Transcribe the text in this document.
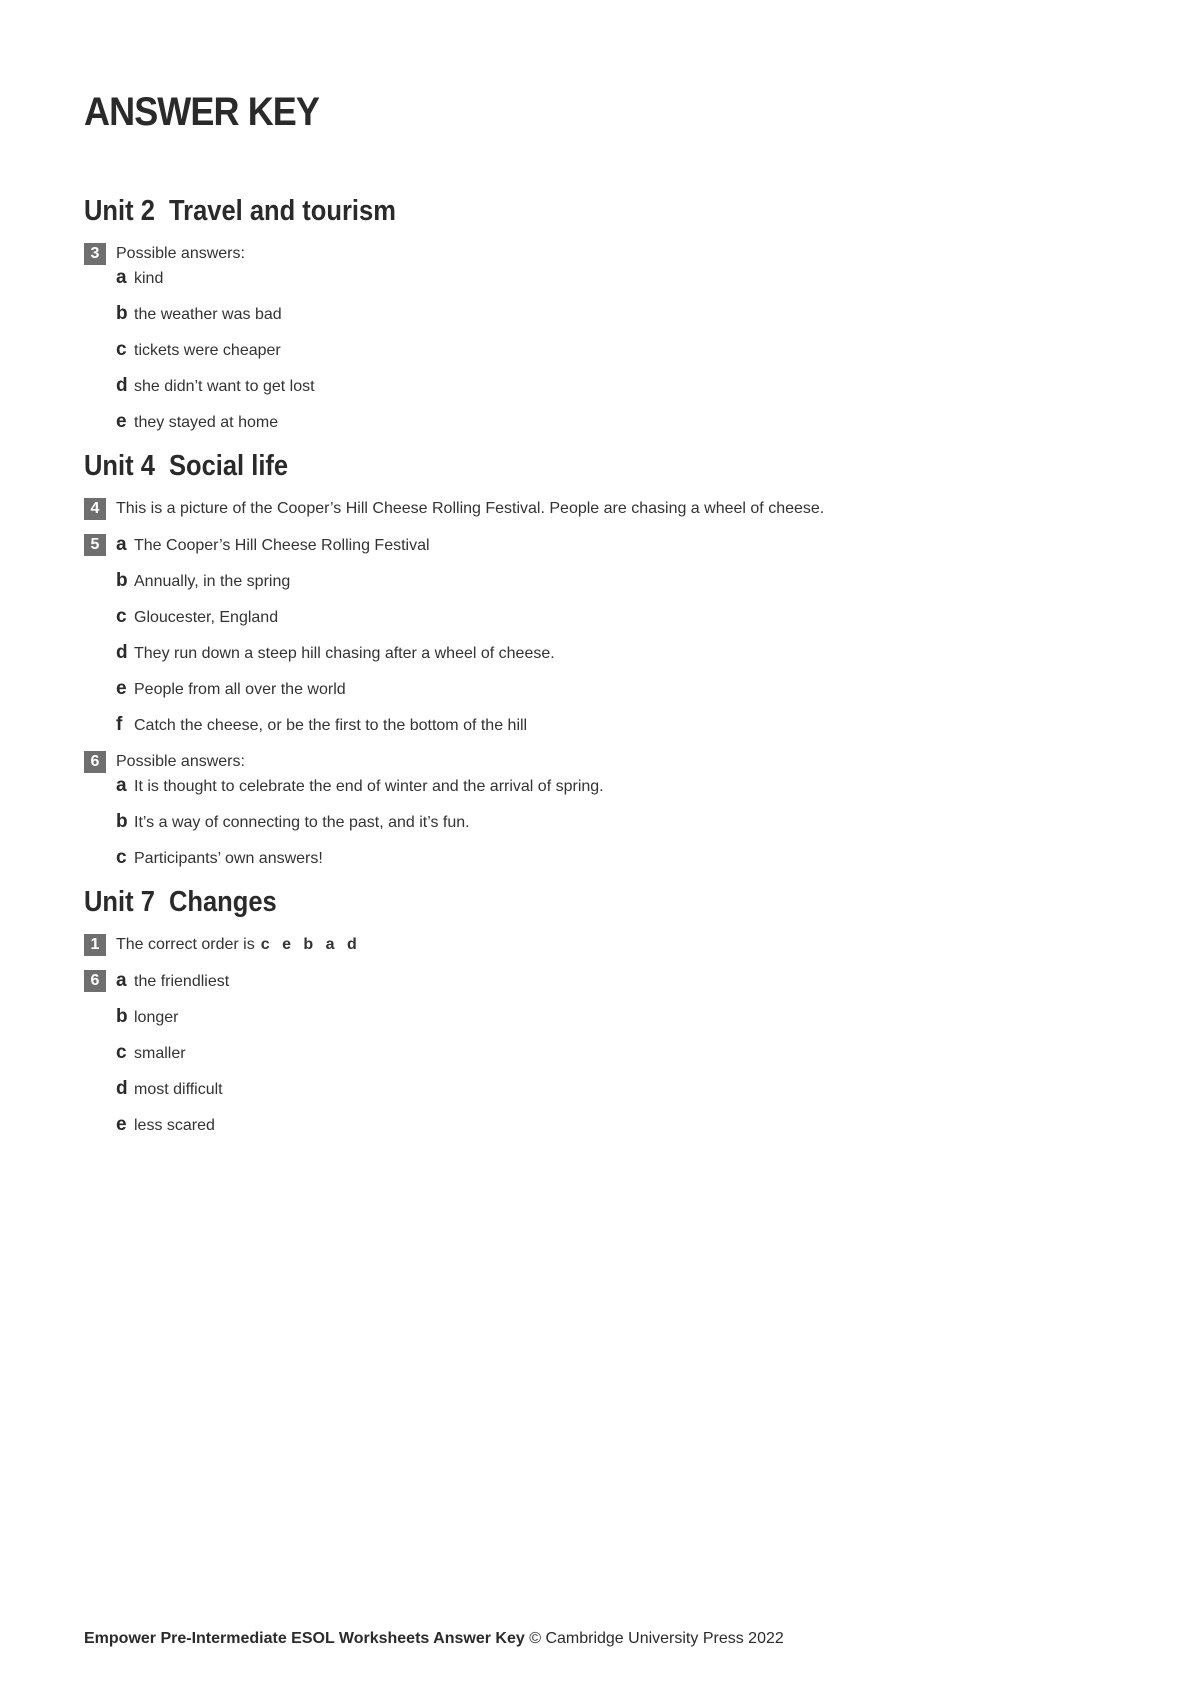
ANSWER KEY
Unit 2 Travel and tourism
3	Possible answers:
a kind
b the weather was bad
c tickets were cheaper
d she didn’t want to get lost
e they stayed at home
Unit 4 Social life
4	This is a picture of the Cooper’s Hill Cheese Rolling Festival. People are chasing a wheel of cheese.
5 a The Cooper’s Hill Cheese Rolling Festival
b Annually, in the spring
c Gloucester, England
d They run down a steep hill chasing after a wheel of cheese.
e People from all over the world
f Catch the cheese, or be the first to the bottom of the hill
6	Possible answers:
a It is thought to celebrate the end of winter and the arrival of spring.
b It’s a way of connecting to the past, and it’s fun.
c Participants’ own answers!
Unit 7 Changes
1	The correct order is c e b a d
6 a the friendliest
b longer
c smaller
d most difficult
e less scared
Empower Pre-Intermediate ESOL Worksheets Answer Key © Cambridge University Press 2022
